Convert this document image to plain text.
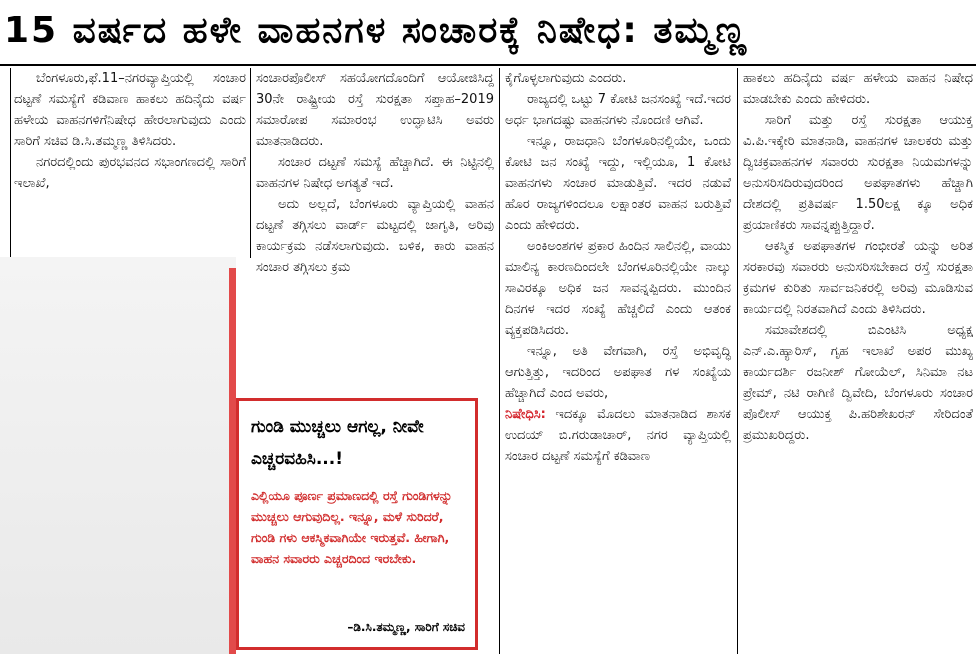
15 ವರ್ಷದ ಹಳೇ ವಾಹನಗಳ ಸಂಚಾರಕ್ಕೆ ನಿಷೇಧ: ತಮ್ಮಣ್ಣ

ಬೆಂಗಳೂರು,ಫೆ.11–ನಗರವ್ಯಾಪ್ತಿಯಲ್ಲಿ ಸಂಚಾರ ದಟ್ಟಣೆ ಸಮಸ್ಯೆಗೆ ಕಡಿವಾಣ ಹಾಕಲು ಹದಿನೈದು ವರ್ಷ ಹಳೇಯ ವಾಹನಗಳಿಗೆನಿಷೇಧ ಹೇರಲಾಗುವುದು ಎಂದು ಸಾರಿಗೆ ಸಚಿವ ಡಿ.ಸಿ.ತಮ್ಮಣ್ಣ ತಿಳಿಸಿದರು.

ನಗರದಲ್ಲಿಂದು ಪುರಭವನದ ಸಭಾಂಗಣದಲ್ಲಿ ಸಾರಿಗೆ ಇಲಾಖೆ,

ಸಂಚಾರಪೊಲೀಸ್ ಸಹಯೋಗದೊಂದಿಗೆ ಆಯೋಜಿಸಿದ್ದ 30ನೇ ರಾಷ್ಟ್ರೀಯ ರಸ್ತೆ ಸುರಕ್ಷತಾ ಸಪ್ತಾಹ–2019 ಸಮಾರೋಪ ಸಮಾರಂಭ ಉದ್ಘಾಟಿಸಿ ಅವರು ಮಾತನಾಡಿದರು.

ಸಂಚಾರ ದಟ್ಟಣೆ ಸಮಸ್ಯೆ ಹೆಚ್ಚಾಗಿದೆ. ಈ ನಿಟ್ಟಿನಲ್ಲಿ ವಾಹನಗಳ ನಿಷೇಧ ಅಗತ್ಯತೆ ಇದೆ.

ಅದು ಅಲ್ಲದೆ, ಬೆಂಗಳೂರು ವ್ಯಾಪ್ತಿಯಲ್ಲಿ ವಾಹನ ದಟ್ಟಣೆ ತಗ್ಗಿಸಲು ವಾರ್ಡ್ ಮಟ್ಟದಲ್ಲಿ ಜಾಗೃತಿ, ಅರಿವು ಕಾರ್ಯಕ್ರಮ ನಡೆಸಲಾಗುವುದು. ಬಳಿಕ, ಕಾರು ವಾಹನ ಸಂಚಾರ ತಗ್ಗಿಸಲು ಕ್ರಮ

ಗುಂಡಿ ಮುಚ್ಚಲು ಆಗಲ್ಲ, ನೀವೇ ಎಚ್ಚರವಹಿಸಿ...!
ಎಲ್ಲಿಯೂ ಪೂರ್ಣ ಪ್ರಮಾಣದಲ್ಲಿ ರಸ್ತೆ ಗುಂಡಿಗಳನ್ನು ಮುಚ್ಚಲು ಆಗುವುದಿಲ್ಲ. ಇನ್ನೂ, ಮಳೆ ಸುರಿದರೆ, ಗುಂಡಿ ಗಳು ಆಕಸ್ಮಿಕವಾಗಿಯೇ ಇರುತ್ತವೆ. ಹೀಗಾಗಿ, ವಾಹನ ಸವಾರರು ಎಚ್ಚರದಿಂದ ಇರಬೇಕು.
–ಡಿ.ಸಿ.ತಮ್ಮಣ್ಣ, ಸಾರಿಗೆ ಸಚಿವ

ಕೈಗೊಳ್ಳಲಾಗುವುದು ಎಂದರು.

ರಾಜ್ಯದಲ್ಲಿ ಒಟ್ಟು 7 ಕೋಟಿ ಜನಸಂಖ್ಯೆ ಇದೆ.ಇದರ ಅರ್ಧ ಭಾಗದಷ್ಟು ವಾಹನಗಳು ನೊಂದಣಿ ಆಗಿವೆ.

ಇನ್ನೂ, ರಾಜಧಾನಿ ಬೆಂಗಳೂರಿನಲ್ಲಿಯೇ, ಒಂದು ಕೋಟಿ ಜನ ಸಂಖ್ಯೆ ಇದ್ದು, ಇಲ್ಲಿಯೂ, 1 ಕೋಟಿ ವಾಹನಗಳು ಸಂಚಾರ ಮಾಡುತ್ತಿವೆ. ಇದರ ನಡುವೆ ಹೊರ ರಾಜ್ಯಗಳಿಂದಲೂ ಲಕ್ಷಾಂತರ ವಾಹನ ಬರುತ್ತಿವೆ ಎಂದು ಹೇಳಿದರು.

ಅಂಕಿಅಂಶಗಳ ಪ್ರಕಾರ ಹಿಂದಿನ ಸಾಲಿನಲ್ಲಿ, ವಾಯು ಮಾಲಿನ್ಯ ಕಾರಣದಿಂದಲೇ ಬೆಂಗಳೂರಿನಲ್ಲಿಯೇ ನಾಲ್ಕು ಸಾವಿರಕ್ಕೂ ಅಧಿಕ ಜನ ಸಾವನ್ನಪ್ಪಿದರು. ಮುಂದಿನ ದಿನಗಳ ಇದರ ಸಂಖ್ಯೆ ಹೆಚ್ಚಲಿದೆ ಎಂದು ಆತಂಕ ವ್ಯಕ್ತಪಡಿಸಿದರು.

ಇನ್ನೂ, ಅತಿ ವೇಗವಾಗಿ, ರಸ್ತೆ ಅಭಿವೃದ್ಧಿ ಆಗುತ್ತಿತ್ತು, ಇದರಿಂದ ಅಪಘಾತ ಗಳ ಸಂಖ್ಯೆಯ ಹೆಚ್ಚಾಗಿದೆ ಎಂದ ಅವರು,

ನಿಷೇಧಿಸಿ: ಇದಕ್ಕೂ ಮೊದಲು ಮಾತನಾಡಿದ ಶಾಸಕ ಉದಯ್ ಬಿ.ಗರುಡಾಚಾರ್, ನಗರ ವ್ಯಾಪ್ತಿಯಲ್ಲಿ ಸಂಚಾರ ದಟ್ಟಣೆ ಸಮಸ್ಯೆಗೆ ಕಡಿವಾಣ

ಹಾಕಲು ಹದಿನೈದು ವರ್ಷ ಹಳೇಯ ವಾಹನ ನಿಷೇಧ ಮಾಡಬೇಕು ಎಂದು ಹೇಳಿದರು.

ಸಾರಿಗೆ ಮತ್ತು ರಸ್ತೆ ಸುರಕ್ಷತಾ ಆಯುಕ್ತ ವಿ.ಪಿ.ಇಕ್ಕೇರಿ ಮಾತನಾಡಿ, ವಾಹನಗಳ ಚಾಲಕರು ಮತ್ತು ದ್ವಿಚಕ್ರವಾಹನಗಳ ಸವಾರರು ಸುರಕ್ಷತಾ ನಿಯಮಗಳನ್ನು ಅನುಸರಿಸದಿರುವುದರಿಂದ ಅಪಘಾತಗಳು ಹೆಚ್ಚಾಗಿ ದೇಶದಲ್ಲಿ ಪ್ರತಿವರ್ಷ 1.50ಲಕ್ಷ ಕ್ಕೂ ಅಧಿಕ ಪ್ರಯಾಣಿಕರು ಸಾವನ್ನಪ್ಪುತ್ತಿದ್ದಾರೆ.

ಆಕಸ್ಮಿಕ ಅಪಘಾತಗಳ ಗಂಭೀರತೆ ಯನ್ನು ಅರಿತ ಸರಕಾರವು ಸವಾರರು ಅನುಸರಿಸಬೇಕಾದ ರಸ್ತೆ ಸುರಕ್ಷತಾ ಕ್ರಮಗಳ ಕುರಿತು ಸಾರ್ವಜನಿಕರಲ್ಲಿ ಅರಿವು ಮೂಡಿಸುವ ಕಾರ್ಯದಲ್ಲಿ ನಿರತವಾಗಿದೆ ಎಂದು ತಿಳಿಸಿದರು.

ಸಮಾವೇಶದಲ್ಲಿ ಬಿಎಂಟಿಸಿ ಅಧ್ಯಕ್ಷ ಎನ್.ಎ.ಹ್ಯಾರಿಸ್, ಗೃಹ ಇಲಾಖೆ ಅಪರ ಮುಖ್ಯ ಕಾರ್ಯದರ್ಶಿ ರಜನೀಶ್ ಗೋಯೆಲ್, ಸಿನಿಮಾ ನಟ ಪ್ರೇಮ್, ನಟಿ ರಾಗಿಣಿ ದ್ವಿವೇದಿ, ಬೆಂಗಳೂರು ಸಂಚಾರ ಪೊಲೀಸ್ ಆಯುಕ್ತ ಪಿ.ಹರಿಶೇಖರನ್ ಸೇರಿದಂತೆ ಪ್ರಮುಖರಿದ್ದರು.
